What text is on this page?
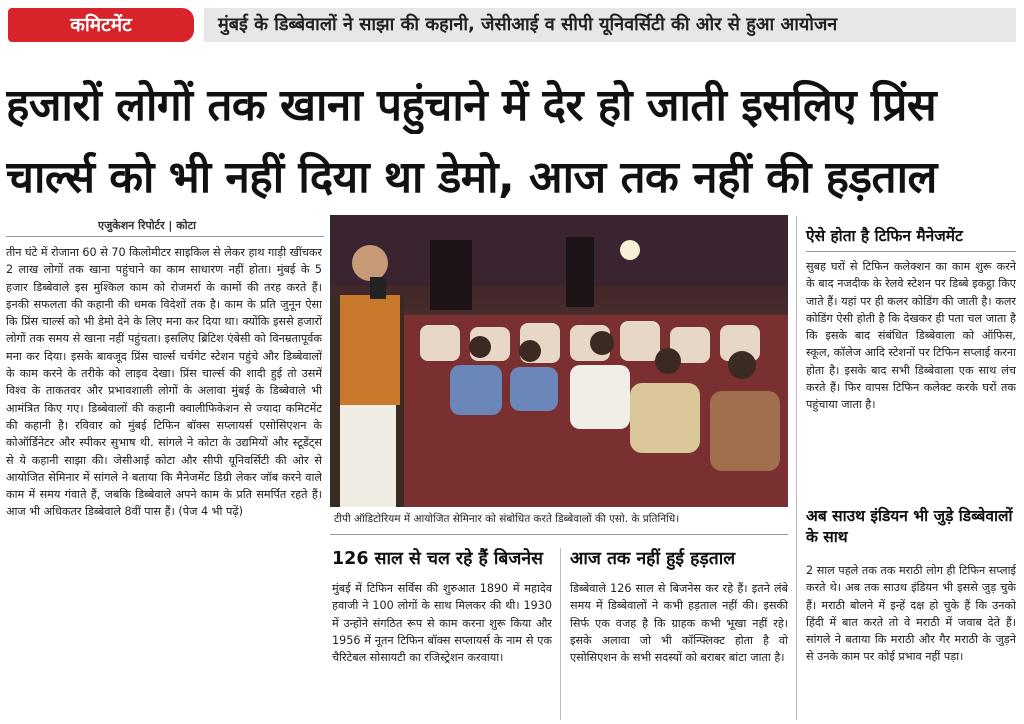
कमिटमेंट	मुंबई के डिब्बेवालों ने साझा की कहानी, जेसीआई व सीपी यूनिवर्सिटी की ओर से हुआ आयोजन
हजारों लोगों तक खाना पहुंचाने में देर हो जाती इसलिए प्रिंस
चार्ल्स को भी नहीं दिया था डेमो, आज तक नहीं की हड़ताल
एजुकेशन रिपोर्टर | कोटा
तीन घंटे में रोजाना 60 से 70 किलोमीटर साइकिल से लेकर हाथ गाड़ी खींचकर 2 लाख लोगों तक खाना पहुंचाने का काम साधारण नहीं होता। मुंबई के 5 हजार डिब्बेवाले इस मुश्किल काम को रोजमर्रा के कामों की तरह करते हैं। इनकी सफलता की कहानी की धमक विदेशों तक है। काम के प्रति जुनून ऐसा कि प्रिंस चार्ल्स को भी डेमो देने के लिए मना कर दिया था। क्योंकि इससे हजारों लोगों तक समय से खाना नहीं पहुंचता। इसलिए ब्रिटिश एंबेसी को विनम्रतापूर्वक मना कर दिया। इसके बावजूद प्रिंस चार्ल्स चर्चगेट स्टेशन पहुंचे और डिब्बेवालों के काम करने के तरीके को लाइव देखा। प्रिंस चार्ल्स की शादी हुई तो उसमें विश्व के ताकतवर और प्रभावशाली लोगों के अलावा मुंबई के डिब्बेवाले भी आमंत्रित किए गए। डिब्बेवालों की कहानी क्वालीफिकेशन से ज्यादा कमिटमेंट की कहानी है। रविवार को मुंबई टिफिन बॉक्स सप्लायर्स एसोसिएशन के कोऑर्डिनेटर और स्पीकर सुभाष थी. सांगले ने कोटा के उद्यमियों और स्टूडेंट्स से ये कहानी साझा की। जेसीआई कोटा और सीपी यूनिवर्सिटी की ओर से आयोजित सेमिनार में सांगले ने बताया कि मैनेजमेंट डिग्री लेकर जॉब करने वाले काम में समय गंवाते हैं, जबकि डिब्बेवाले अपने काम के प्रति समर्पित रहते हैं। आज भी अधिकतर डिब्बेवाले 8वीं पास हैं। (पेज 4 भी पढ़ें)
टीपी ऑडिटोरियम में आयोजित सेमिनार को संबोधित करते डिब्बेवालों की एसो. के प्रतिनिधि।
126 साल से चल रहे हैं बिजनेस
मुंबई में टिफिन सर्विस की शुरुआत 1890 में महादेव हवाजी ने 100 लोगों के साथ मिलकर की थी। 1930 में उन्होंने संगठित रूप से काम करना शुरू किया और 1956 में नूतन टिफिन बॉक्स सप्लायर्स के नाम से एक चैरिटेबल सोसायटी का रजिस्ट्रेशन करवाया।
आज तक नहीं हुई हड़ताल
डिब्बेवाले 126 साल से बिजनेस कर रहे हैं। इतने लंबे समय में डिब्बेवालों ने कभी हड़ताल नहीं की। इसकी सिर्फ एक वजह है कि ग्राहक कभी भूखा नहीं रहे। इसके अलावा जो भी कॉन्फ्लिक्ट होता है वो एसोसिएशन के सभी सदस्यों को बराबर बांटा जाता है।
ऐसे होता है टिफिन मैनेजमेंट
सुबह घरों से टिफिन कलेक्शन का काम शुरू करने के बाद नजदीक के रेलवे स्टेशन पर डिब्बे इकट्ठा किए जाते हैं। यहां पर ही कलर कोडिंग की जाती है। कलर कोडिंग ऐसी होती है कि देखकर ही पता चल जाता है कि इसके बाद संबंधित डिब्बेवाला को ऑफिस, स्कूल, कॉलेज आदि स्टेशनों पर टिफिन सप्लाई करना होता है। इसके बाद सभी डिब्बेवाला एक साथ लंच करते हैं। फिर वापस टिफिन कलेक्ट करके घरों तक पहुंचाया जाता है।
अब साउथ इंडियन भी जुड़े डिब्बेवालों के साथ
2 साल पहले तक तक मराठी लोग ही टिफिन सप्लाई करते थे। अब तक साउथ इंडियन भी इससे जुड़ चुके हैं। मराठी बोलने में इन्हें दक्ष हो चुके हैं कि उनको हिंदी में बात करते तो वे मराठी में जवाब देते हैं। सांगले ने बताया कि मराठी और गैर मराठी के जुड़ने से उनके काम पर कोई प्रभाव नहीं पड़ा।
